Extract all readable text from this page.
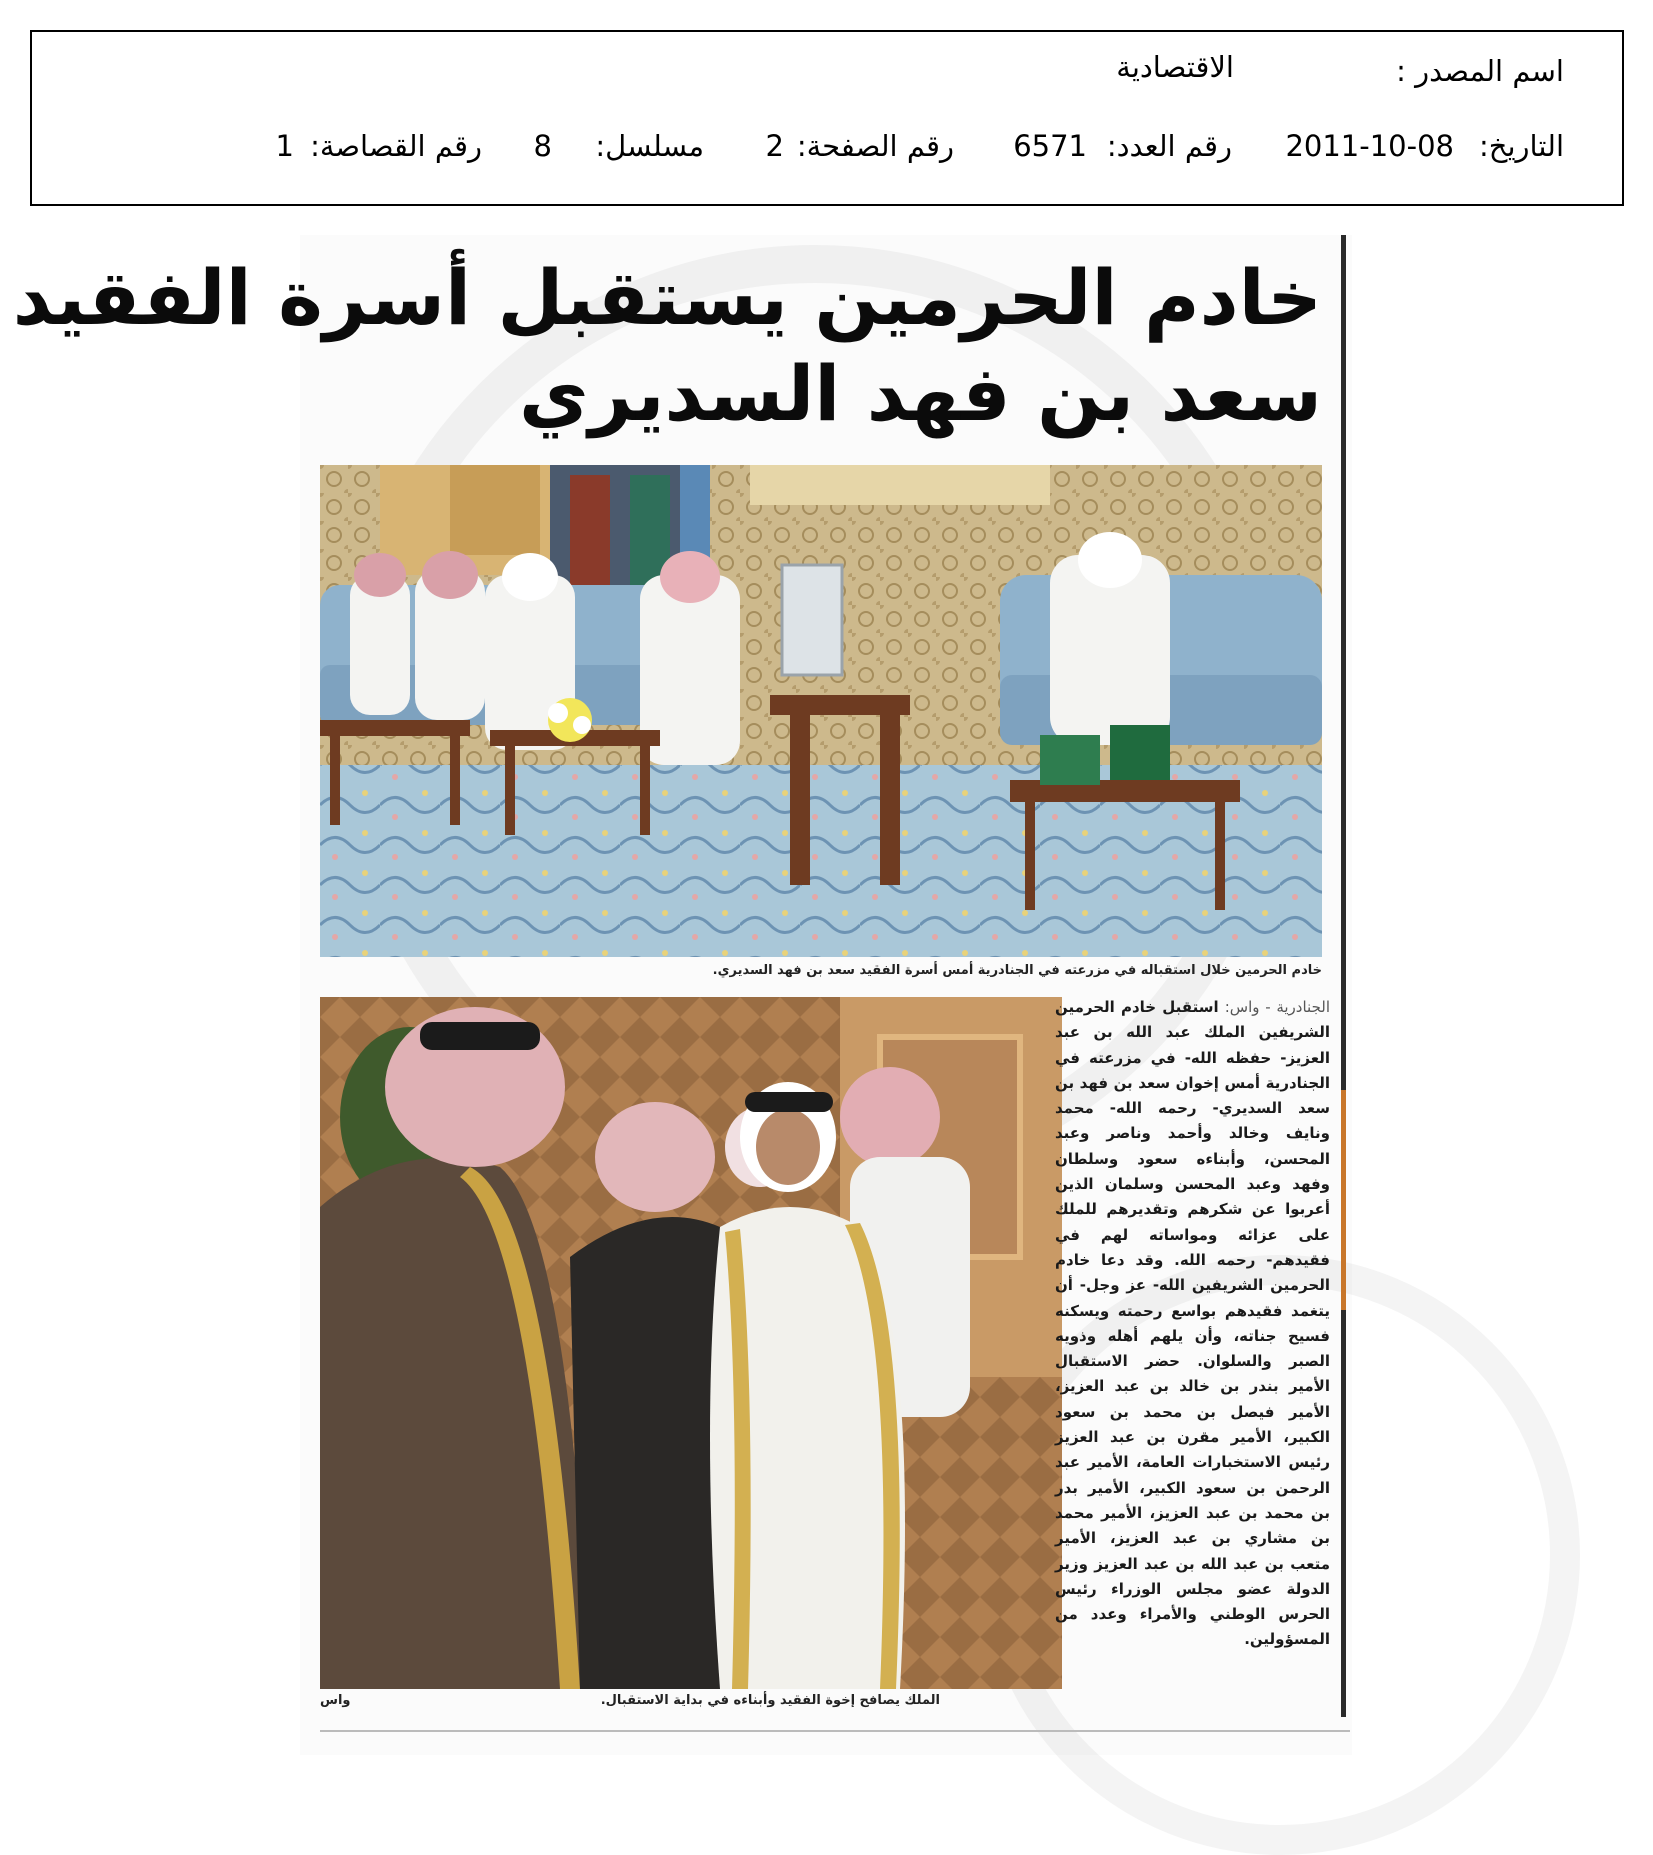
اسم المصدر :
الاقتصادية
التاريخ:
2011-10-08
رقم العدد:
6571
رقم الصفحة:
2
مسلسل:
8
رقم القصاصة:
1
خادم الحرمين يستقبل أسرة الفقيد
سعد بن فهد السديري
خادم الحرمين خلال استقباله في مزرعته في الجنادرية أمس أسرة الفقيد سعد بن فهد السديري.
الملك يصافح إخوة الفقيد وأبناءه في بداية الاستقبال.
واس
الجنادرية - واس: استقبل خادم الحرمين الشريفين الملك عبد الله بن عبد العزيز- حفظه الله- في مزرعته في الجنادرية أمس إخوان سعد بن فهد بن سعد السديري- رحمه الله- محمد ونايف وخالد وأحمد وناصر وعبد المحسن، وأبناءه سعود وسلطان وفهد وعبد المحسن وسلمان الذين أعربوا عن شكرهم وتقديرهم للملك على عزائه ومواساته لهم في فقيدهم- رحمه الله. وقد دعا خادم الحرمين الشريفين الله- عز وجل- أن يتغمد فقيدهم بواسع رحمته ويسكنه فسيح جناته، وأن يلهم أهله وذويه الصبر والسلوان. حضر الاستقبال الأمير بندر بن خالد بن عبد العزيز، الأمير فيصل بن محمد بن سعود الكبير، الأمير مقرن بن عبد العزيز رئيس الاستخبارات العامة، الأمير عبد الرحمن بن سعود الكبير، الأمير بدر بن محمد بن عبد العزيز، الأمير محمد بن مشاري بن عبد العزيز، الأمير متعب بن عبد الله بن عبد العزيز وزير الدولة عضو مجلس الوزراء رئيس الحرس الوطني والأمراء وعدد من المسؤولين.
